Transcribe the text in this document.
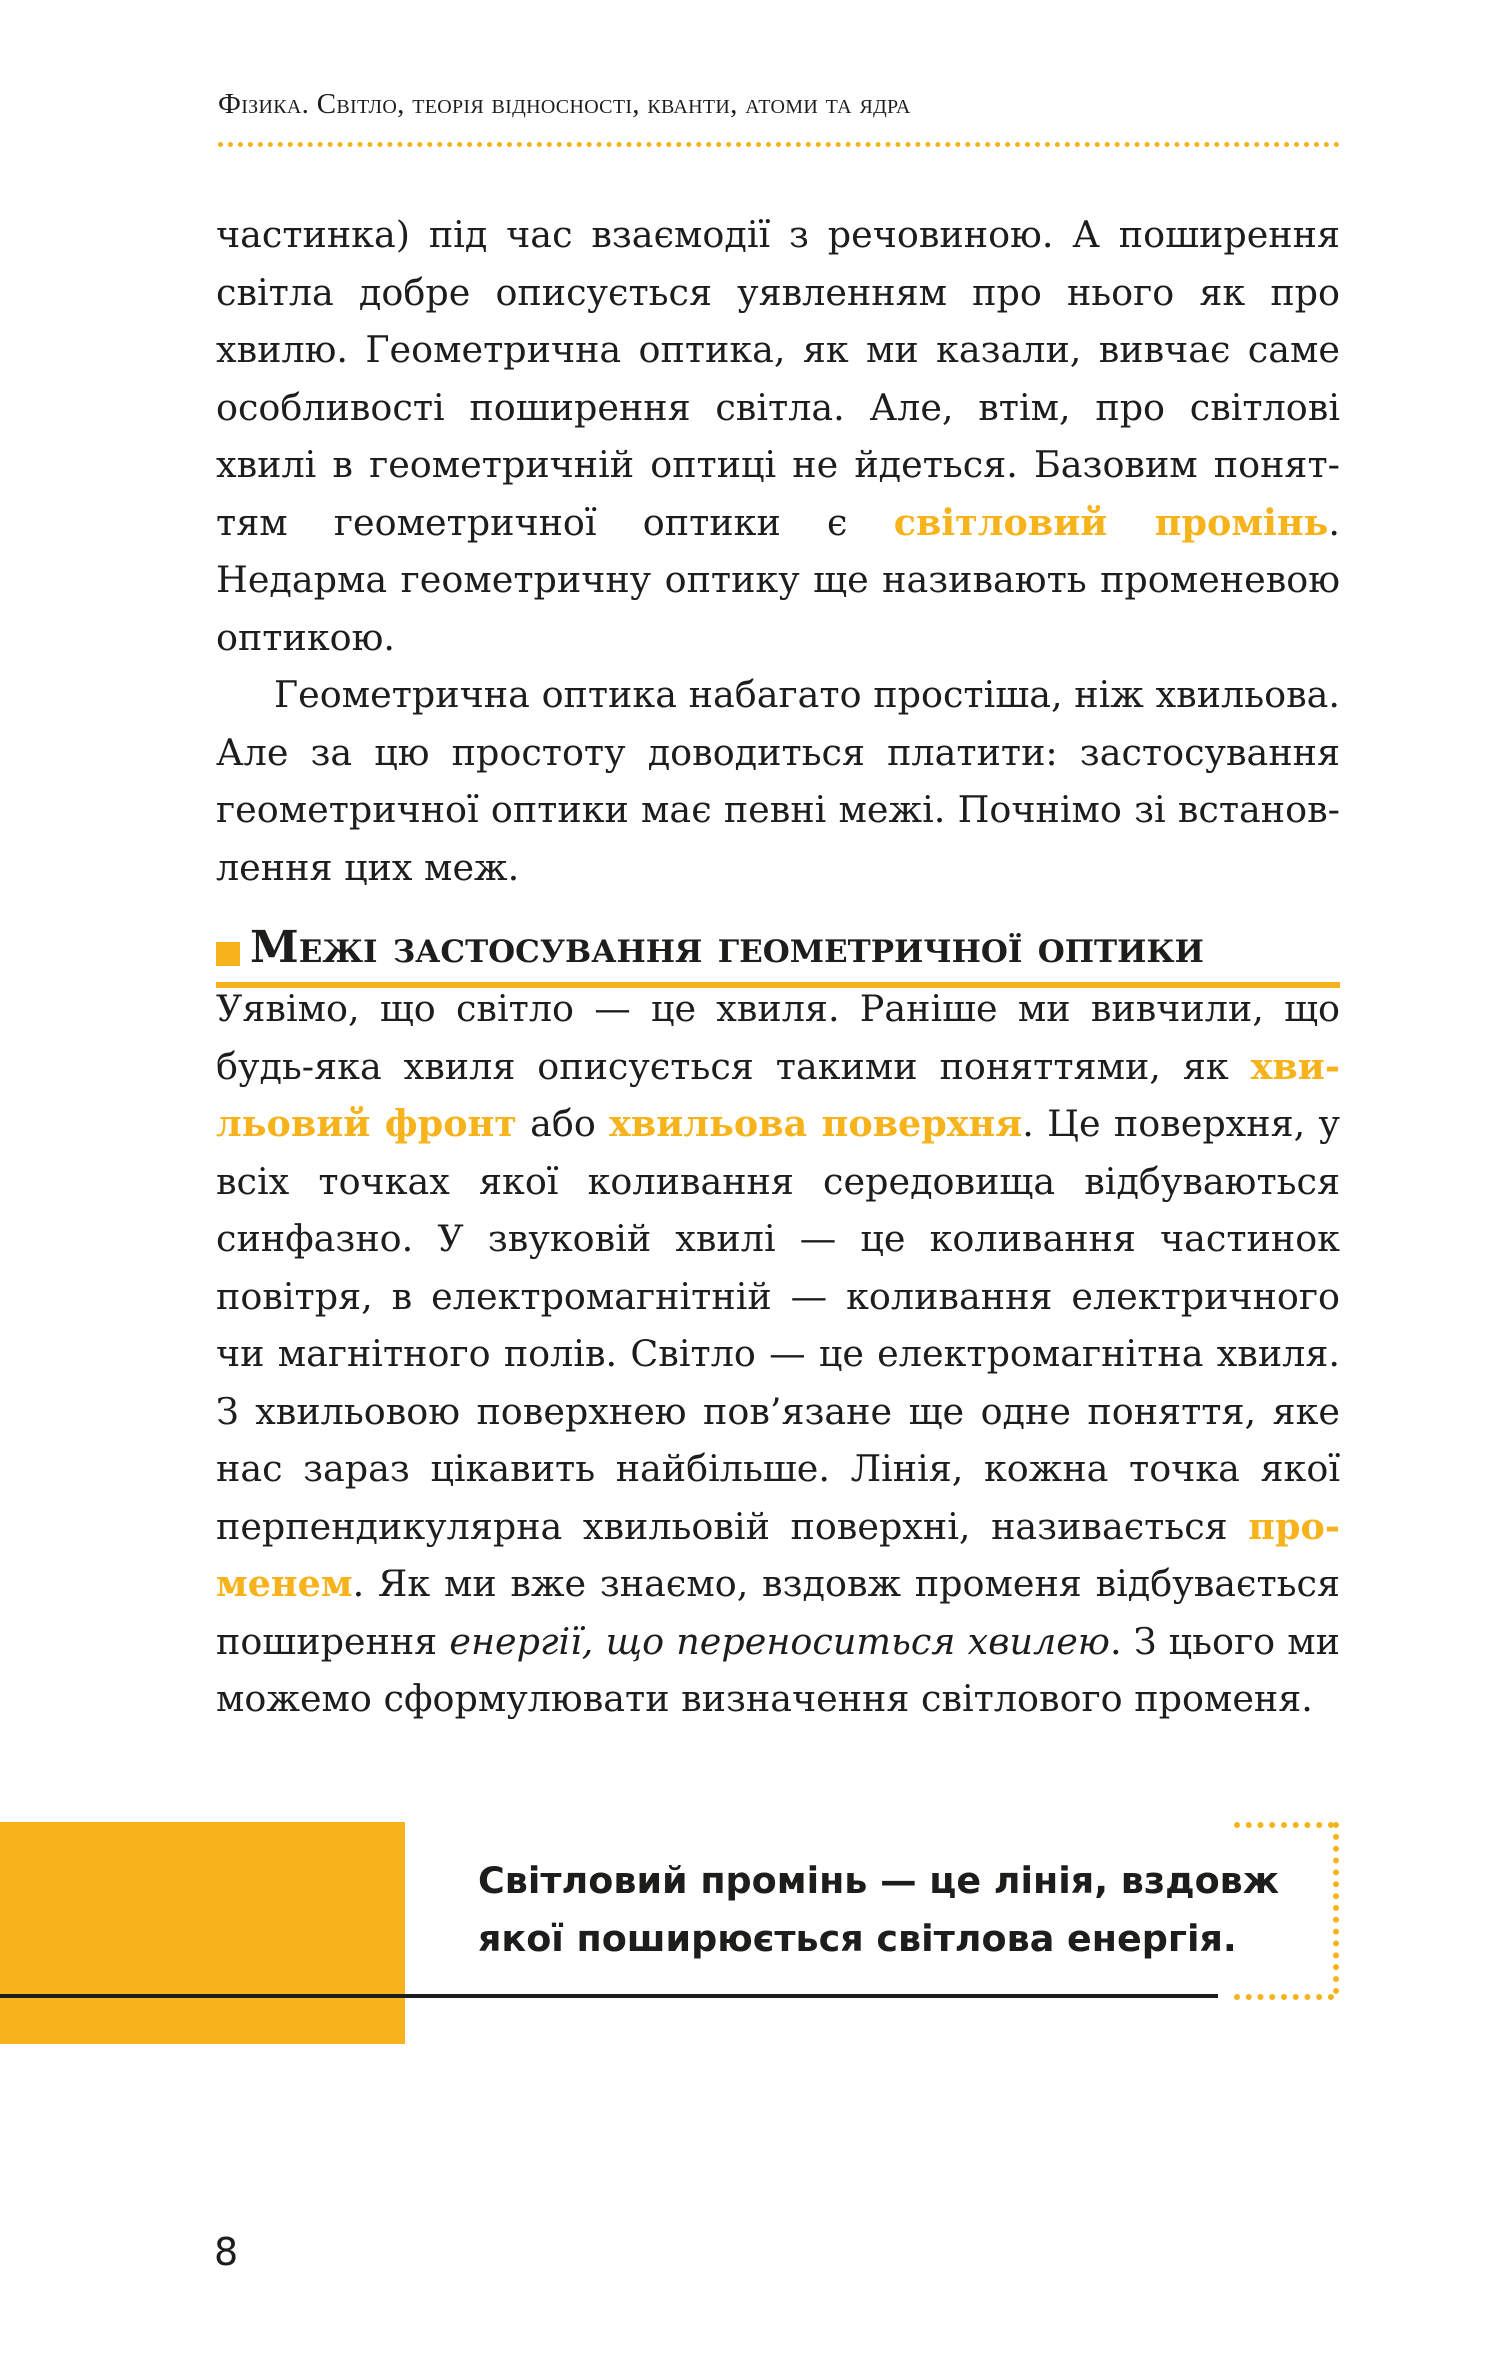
Фізика. Світло, теорія відносності, кванти, атоми та ядра

частинка) під час взаємодії з речовиною. А поширення світла добре описується уявленням про нього як про хвилю. Геометрична оптика, як ми казали, вивчає саме особливості поширення світла. Але, втім, про світлові хвилі в геометричній оптиці не йдеться. Базовим поняттям геометричної оптики є світловий промінь. Недарма геометричну оптику ще називають променевою оптикою.

Геометрична оптика набагато простіша, ніж хвильова. Але за цю простоту доводиться платити: застосування геометричної оптики має певні межі. Почнімо зі встановлення цих меж.

Межі застосування геометричної оптики

Уявімо, що світло — це хвиля. Раніше ми вивчили, що будь-яка хвиля описується такими поняттями, як хвильовий фронт або хвильова поверхня. Це поверхня, у всіх точках якої коливання середовища відбуваються синфазно. У звуковій хвилі — це коливання частинок повітря, в електромагнітній — коливання електричного чи магнітного полів. Світло — це електромагнітна хвиля. З хвильовою поверхнею пов’язане ще одне поняття, яке нас зараз цікавить найбільше. Лінія, кожна точка якої перпендикулярна хвильовій поверхні, називається променем. Як ми вже знаємо, вздовж променя відбувається поширення енергії, що переноситься хвилею. З цього ми можемо сформулювати визначення світлового променя.

Світловий промінь — це лінія, вздовж якої поширюється світлова енергія.
8
